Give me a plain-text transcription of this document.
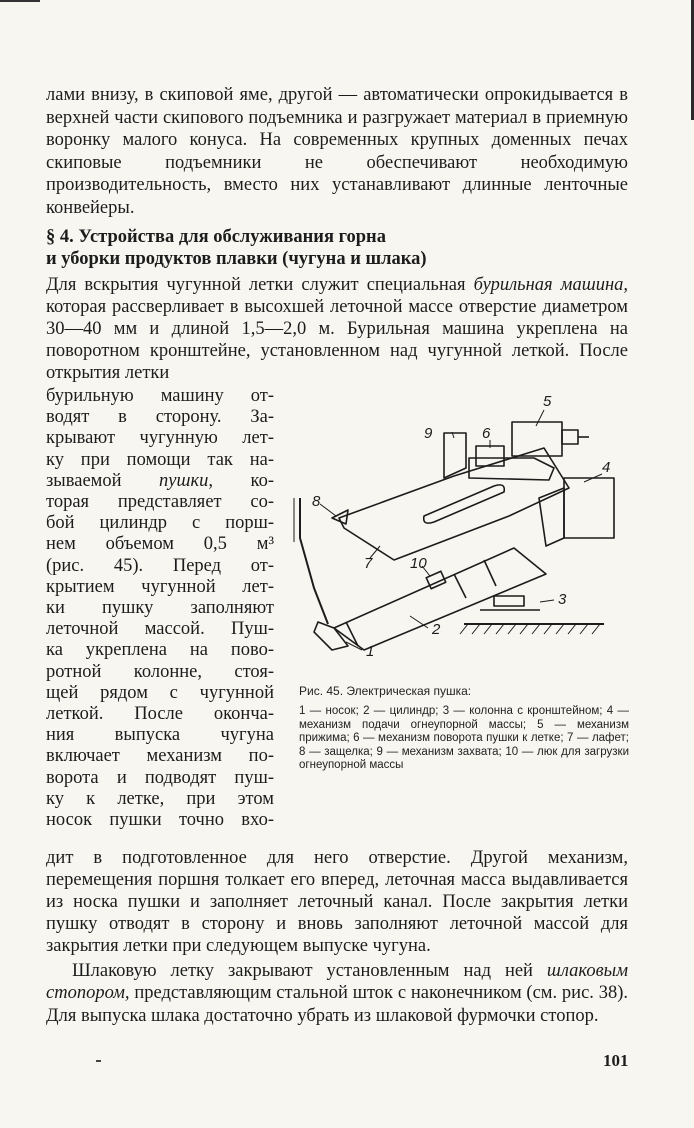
лами внизу, в скиповой яме, другой — автоматически опрокидывается в верхней части скипового подъемника и разгружает материал в приемную воронку малого конуса. На современных крупных доменных печах скиповые подъемники не обеспечивают необходимую производительность, вместо них устанавливают длинные ленточные конвейеры.

§ 4. Устройства для обслуживания горна
и уборки продуктов плавки (чугуна и шлака)

Для вскрытия чугунной летки служит специальная бурильная машина, которая рассверливает в высохшей леточной массе отверстие диаметром 30—40 мм и длиной 1,5—2,0 м. Бурильная машина укреплена на поворотном кронштейне, установленном над чугунной леткой. После открытия летки

бурильную машину от-
водят в сторону. За-
крывают чугунную лет-
ку при помощи так на-
зываемой пушки, ко-
торая представляет со-
бой цилиндр с порш-
нем объемом 0,5 м³
(рис. 45). Перед от-
крытием чугунной лет-
ки пушку заполняют
леточной массой. Пуш-
ка укреплена на пово-
ротной колонне, стоя-
щей рядом с чугунной
леткой. После оконча-
ния выпуска чугуна
включает механизм по-
ворота и подводят пуш-
ку к летке, при этом
носок пушки точно вхо-
5
4
9	6
8
7	10
2
3
1
Рис. 45. Электрическая пушка:
1 — носок; 2 — цилиндр; 3 — колонна с кронштейном; 4 — механизм подачи огнеупорной массы; 5 — механизм прижима; 6 — механизм поворота пушки к летке; 7 — лафет; 8 — защелка; 9 — механизм захвата; 10 — люк для загрузки огнеупорной массы

дит в подготовленное для него отверстие. Другой механизм, перемещения поршня толкает его вперед, леточная масса выдавливается из носка пушки и заполняет леточный канал. После закрытия летки пушку отводят в сторону и вновь заполняют леточной массой для закрытия летки при следующем выпуске чугуна.

Шлаковую летку закрывают установленным над ней шлаковым стопором, представляющим стальной шток с наконечником (см. рис. 38). Для выпуска шлака достаточно убрать из шлаковой фурмочки стопор.

101
